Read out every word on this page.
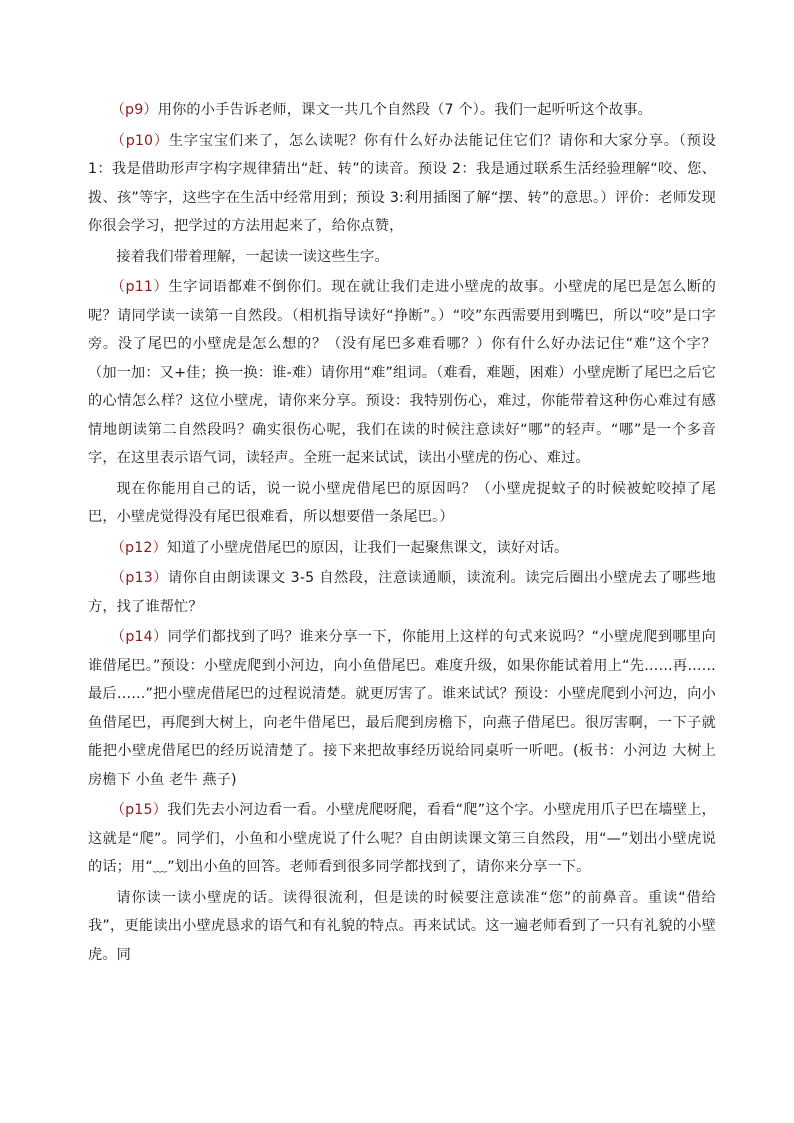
（p9）用你的小手告诉老师，课文一共几个自然段（7 个）。我们一起听听这个故事。

（p10）生字宝宝们来了，怎么读呢？你有什么好办法能记住它们？请你和大家分享。（预设 1：我是借助形声字构字规律猜出“赶、转”的读音。预设 2：我是通过联系生活经验理解“咬、您、拨、孩”等字，这些字在生活中经常用到；预设 3:利用插图了解“摆、转”的意思。）评价：老师发现你很会学习，把学过的方法用起来了，给你点赞，

接着我们带着理解，一起读一读这些生字。

（p11）生字词语都难不倒你们。现在就让我们走进小壁虎的故事。小壁虎的尾巴是怎么断的呢？请同学读一读第一自然段。（相机指导读好“挣断”。）“咬”东西需要用到嘴巴，所以“咬”是口字旁。没了尾巴的小壁虎是怎么想的？（没有尾巴多难看哪？）你有什么好办法记住“难”这个字？（加一加：又+佳；换一换：谁-难）请你用“难”组词。（难看，难题，困难）小壁虎断了尾巴之后它的心情怎么样？这位小壁虎，请你来分享。预设：我特别伤心，难过，你能带着这种伤心难过有感情地朗读第二自然段吗？确实很伤心呢，我们在读的时候注意读好“哪”的轻声。“哪”是一个多音字，在这里表示语气词，读轻声。全班一起来试试，读出小壁虎的伤心、难过。

现在你能用自己的话，说一说小壁虎借尾巴的原因吗？（小壁虎捉蚊子的时候被蛇咬掉了尾巴，小壁虎觉得没有尾巴很难看，所以想要借一条尾巴。）

（p12）知道了小壁虎借尾巴的原因，让我们一起聚焦课文，读好对话。

（p13）请你自由朗读课文 3-5 自然段，注意读通顺，读流利。读完后圈出小壁虎去了哪些地方，找了谁帮忙？

（p14）同学们都找到了吗？谁来分享一下，你能用上这样的句式来说吗？“小壁虎爬到哪里向谁借尾巴。”预设：小壁虎爬到小河边，向小鱼借尾巴。难度升级，如果你能试着用上“先……再……最后……”把小壁虎借尾巴的过程说清楚。就更厉害了。谁来试试？预设：小壁虎爬到小河边，向小鱼借尾巴，再爬到大树上，向老牛借尾巴，最后爬到房檐下，向燕子借尾巴。很厉害啊，一下子就能把小壁虎借尾巴的经历说清楚了。接下来把故事经历说给同桌听一听吧。(板书：小河边 大树上 房檐下 小鱼 老牛 燕子)

（p15）我们先去小河边看一看。小壁虎爬呀爬，看看“爬”这个字。小壁虎用爪子巴在墙壁上，这就是“爬”。同学们，小鱼和小壁虎说了什么呢？自由朗读课文第三自然段，用“—”划出小壁虎说的话；用“﹏”划出小鱼的回答。老师看到很多同学都找到了，请你来分享一下。

请你读一读小壁虎的话。读得很流利，但是读的时候要注意读准“您”的前鼻音。重读“借给我”，更能读出小壁虎恳求的语气和有礼貌的特点。再来试试。这一遍老师看到了一只有礼貌的小壁虎。同
